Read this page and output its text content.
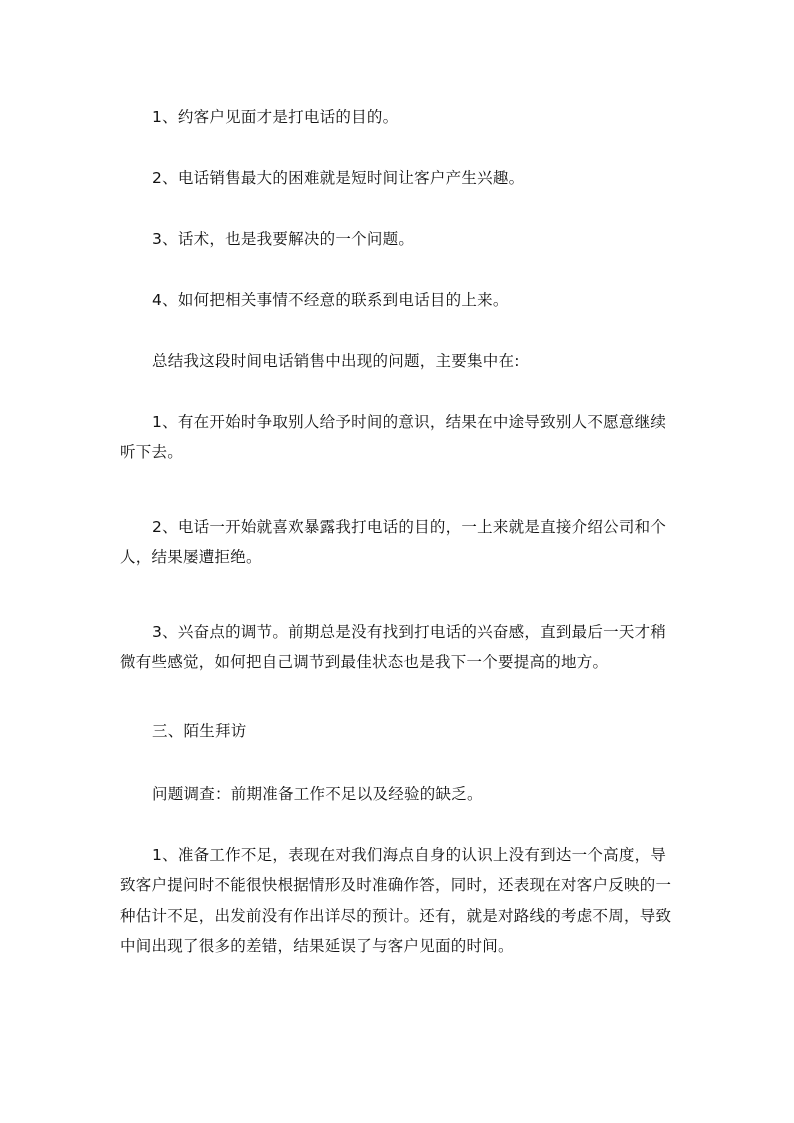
1、约客户见面才是打电话的目的。

2、电话销售最大的困难就是短时间让客户产生兴趣。

3、话术，也是我要解决的一个问题。

4、如何把相关事情不经意的联系到电话目的上来。

总结我这段时间电话销售中出现的问题，主要集中在:

1、有在开始时争取别人给予时间的意识，结果在中途导致别人不愿意继续听下去。

2、电话一开始就喜欢暴露我打电话的目的，一上来就是直接介绍公司和个人，结果屡遭拒绝。

3、兴奋点的调节。前期总是没有找到打电话的兴奋感，直到最后一天才稍微有些感觉，如何把自己调节到最佳状态也是我下一个要提高的地方。

三、陌生拜访

问题调查：前期准备工作不足以及经验的缺乏。

1、准备工作不足，表现在对我们海点自身的认识上没有到达一个高度，导致客户提问时不能很快根据情形及时准确作答，同时，还表现在对客户反映的一种估计不足，出发前没有作出详尽的预计。还有，就是对路线的考虑不周，导致中间出现了很多的差错，结果延误了与客户见面的时间。
